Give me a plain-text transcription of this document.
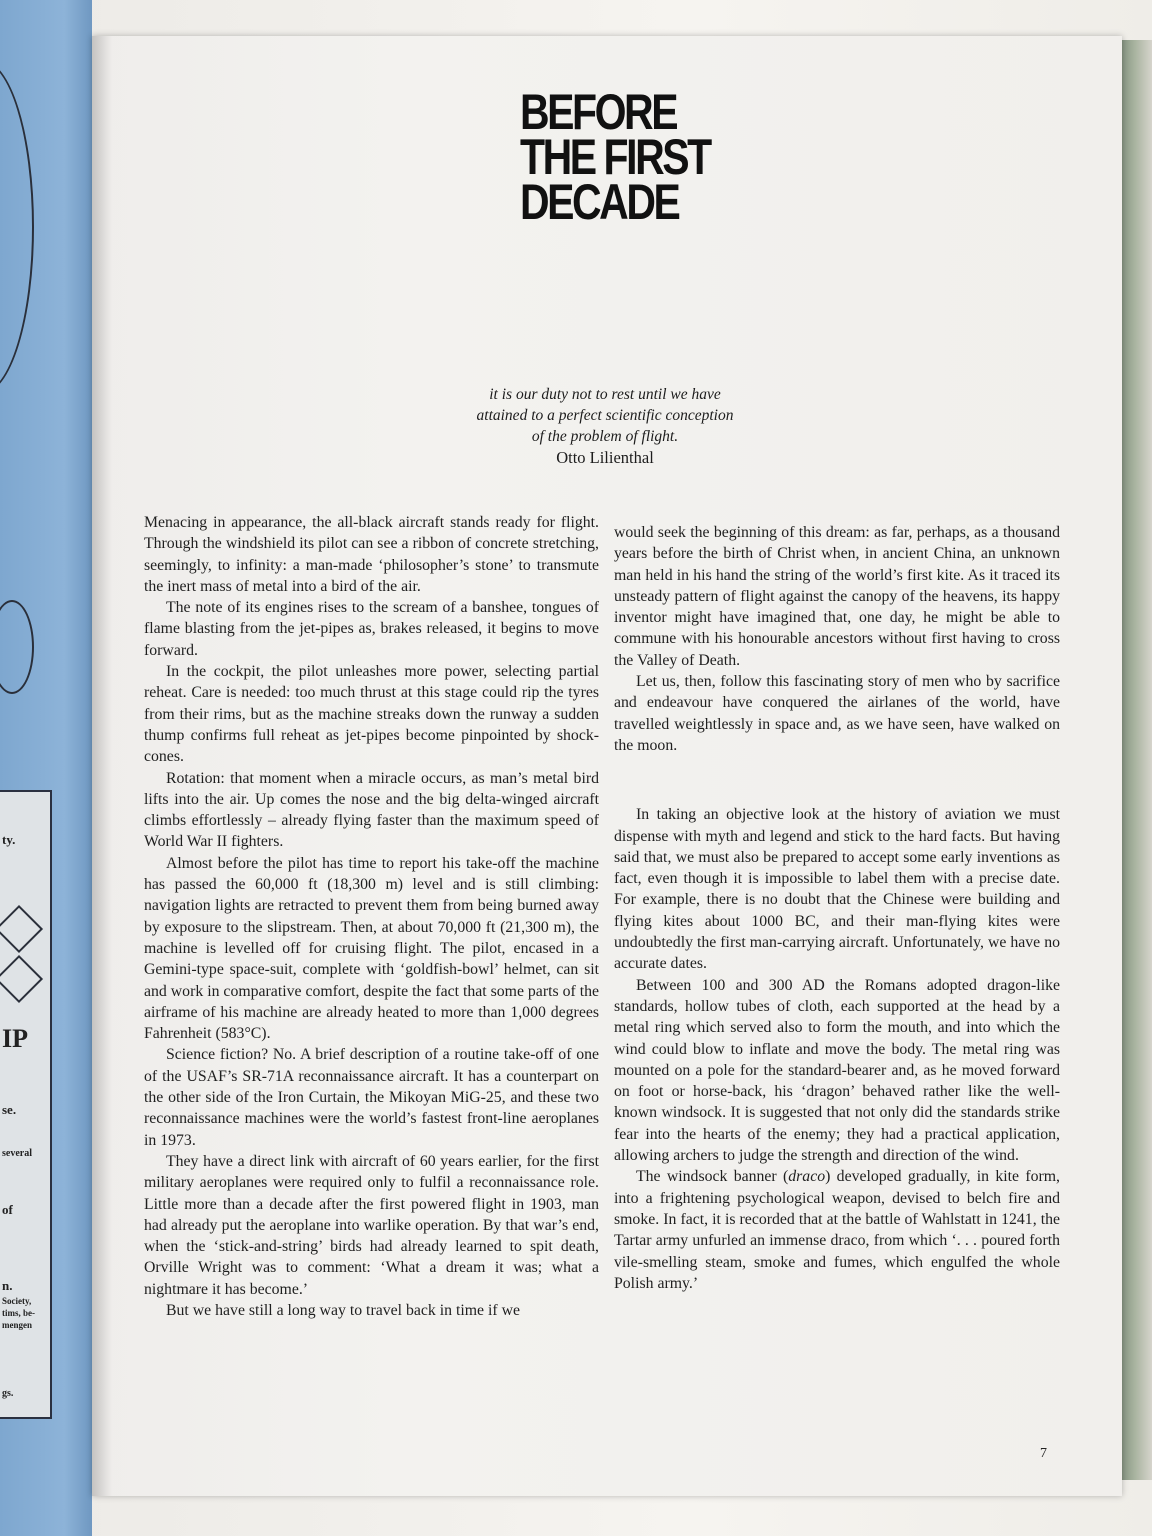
ty.
IP
se.
several
of
n.
Society,
tims, be-
mengen
gs.
BEFORE
THE FIRST
DECADE
it is our duty not to rest until we have
attained to a perfect scientific conception
of the problem of flight.
Otto Lilienthal

Menacing in appearance, the all-black aircraft stands ready for flight. Through the windshield its pilot can see a ribbon of concrete stretching, seemingly, to infinity: a man-made ‘philosopher’s stone’ to transmute the inert mass of metal into a bird of the air.

The note of its engines rises to the scream of a banshee, tongues of flame blasting from the jet-pipes as, brakes released, it begins to move forward.

In the cockpit, the pilot unleashes more power, selecting partial reheat. Care is needed: too much thrust at this stage could rip the tyres from their rims, but as the machine streaks down the runway a sudden thump confirms full reheat as jet-pipes become pinpointed by shock-cones.

Rotation: that moment when a miracle occurs, as man’s metal bird lifts into the air. Up comes the nose and the big delta-winged aircraft climbs effortlessly – already flying faster than the maximum speed of World War II fighters.

Almost before the pilot has time to report his take-off the machine has passed the 60,000 ft (18,300 m) level and is still climbing: navigation lights are retracted to prevent them from being burned away by exposure to the slipstream. Then, at about 70,000 ft (21,300 m), the machine is levelled off for cruising flight. The pilot, encased in a Gemini-type space-suit, complete with ‘goldfish-bowl’ helmet, can sit and work in comparative comfort, despite the fact that some parts of the airframe of his machine are already heated to more than 1,000 degrees Fahrenheit (583°C).

Science fiction? No. A brief description of a routine take-off of one of the USAF’s SR-71A reconnaissance aircraft. It has a counterpart on the other side of the Iron Curtain, the Mikoyan MiG-25, and these two reconnaissance machines were the world’s fastest front-line aeroplanes in 1973.

They have a direct link with aircraft of 60 years earlier, for the first military aeroplanes were required only to fulfil a reconnaissance role. Little more than a decade after the first powered flight in 1903, man had already put the aeroplane into warlike operation. By that war’s end, when the ‘stick-and-string’ birds had already learned to spit death, Orville Wright was to comment: ‘What a dream it was; what a nightmare it has become.’

But we have still a long way to travel back in time if we

would seek the beginning of this dream: as far, perhaps, as a thousand years before the birth of Christ when, in ancient China, an unknown man held in his hand the string of the world’s first kite. As it traced its unsteady pattern of flight against the canopy of the heavens, its happy inventor might have imagined that, one day, he might be able to commune with his honourable ancestors without first having to cross the Valley of Death.

Let us, then, follow this fascinating story of men who by sacrifice and endeavour have conquered the airlanes of the world, have travelled weightlessly in space and, as we have seen, have walked on the moon.

In taking an objective look at the history of aviation we must dispense with myth and legend and stick to the hard facts. But having said that, we must also be prepared to accept some early inventions as fact, even though it is impossible to label them with a precise date. For example, there is no doubt that the Chinese were building and flying kites about 1000 BC, and their man-flying kites were undoubtedly the first man-carrying aircraft. Unfortunately, we have no accurate dates.

Between 100 and 300 AD the Romans adopted dragon-like standards, hollow tubes of cloth, each supported at the head by a metal ring which served also to form the mouth, and into which the wind could blow to inflate and move the body. The metal ring was mounted on a pole for the standard-bearer and, as he moved forward on foot or horse-back, his ‘dragon’ behaved rather like the well-known windsock. It is suggested that not only did the standards strike fear into the hearts of the enemy; they had a practical application, allowing archers to judge the strength and direction of the wind.

The windsock banner (draco) developed gradually, in kite form, into a frightening psychological weapon, devised to belch fire and smoke. In fact, it is recorded that at the battle of Wahlstatt in 1241, the Tartar army unfurled an immense draco, from which ‘. . . poured forth vile-smelling steam, smoke and fumes, which engulfed the whole Polish army.’

7
